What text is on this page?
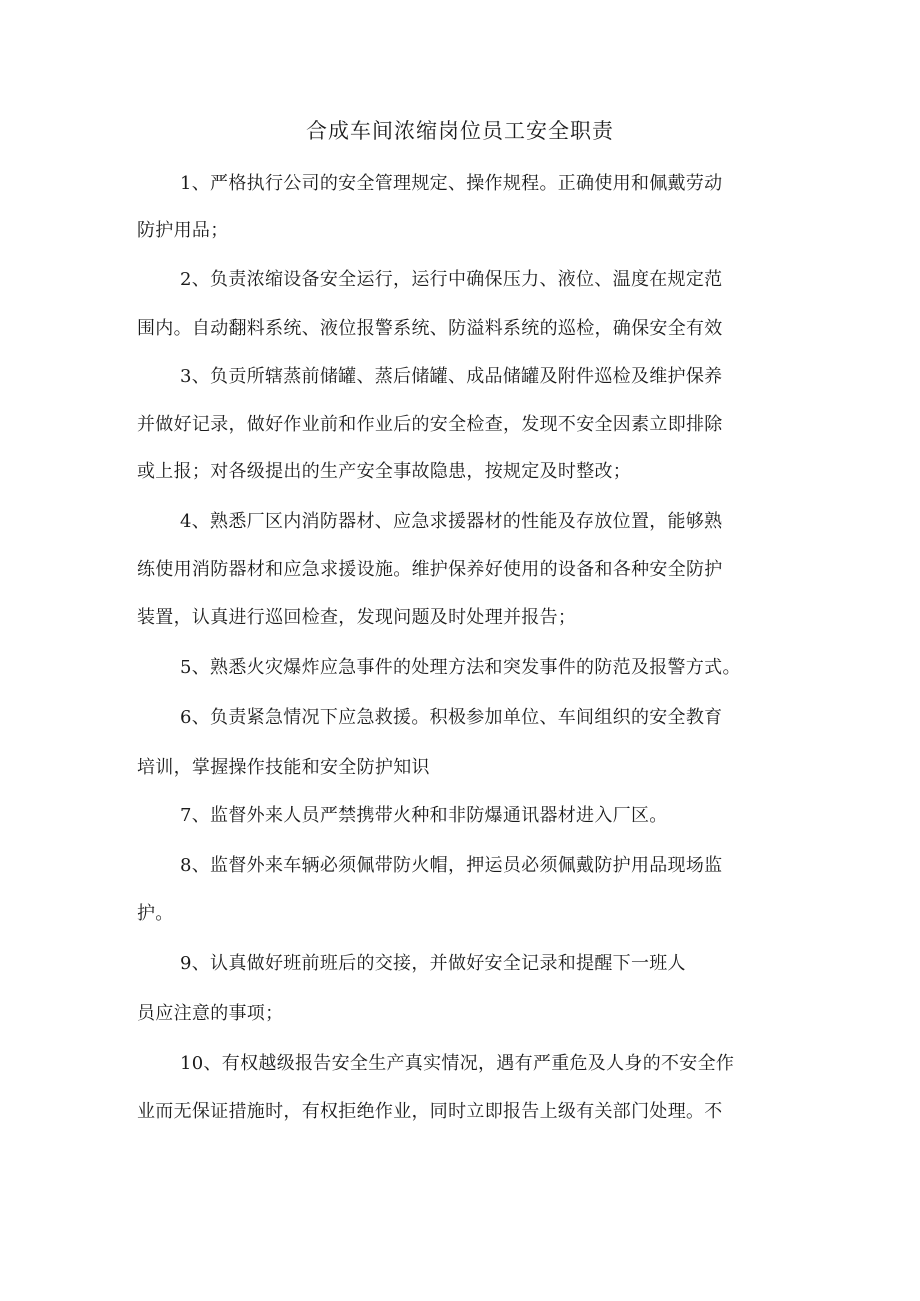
合成车间浓缩岗位员工安全职责
1、严格执行公司的安全管理规定、操作规程。正确使用和佩戴劳动
防护用品；
2、负责浓缩设备安全运行，运行中确保压力、液位、温度在规定范
围内。自动翻料系统、液位报警系统、防溢料系统的巡检，确保安全有效
3、负贡所辖蒸前储罐、蒸后储罐、成品储罐及附件巡检及维护保养
并做好记录，做好作业前和作业后的安全检查，发现不安全因素立即排除
或上报；对各级提出的生产安全事故隐患，按规定及时整改；
4、熟悉厂区内消防器材、应急求援器材的性能及存放位置，能够熟
练使用消防器材和应急求援设施。维护保养好使用的设备和各种安全防护
装置，认真进行巡回检查，发现问题及时处理并报告；
5、熟悉火灾爆炸应急事件的处理方法和突发事件的防范及报警方式。
6、负责紧急情况下应急救援。积极参加单位、车间组织的安全教育
培训，掌握操作技能和安全防护知识
7、监督外来人员严禁携带火种和非防爆通讯器材进入厂区。
8、监督外来车辆必须佩带防火帽，押运员必须佩戴防护用品现场监
护。
9、认真做好班前班后的交接，并做好安全记录和提醒下一班人
员应注意的事项；
10、有权越级报告安全生产真实情况，遇有严重危及人身的不安全作
业而无保证措施时，有权拒绝作业，同时立即报告上级有关部门处理。不
